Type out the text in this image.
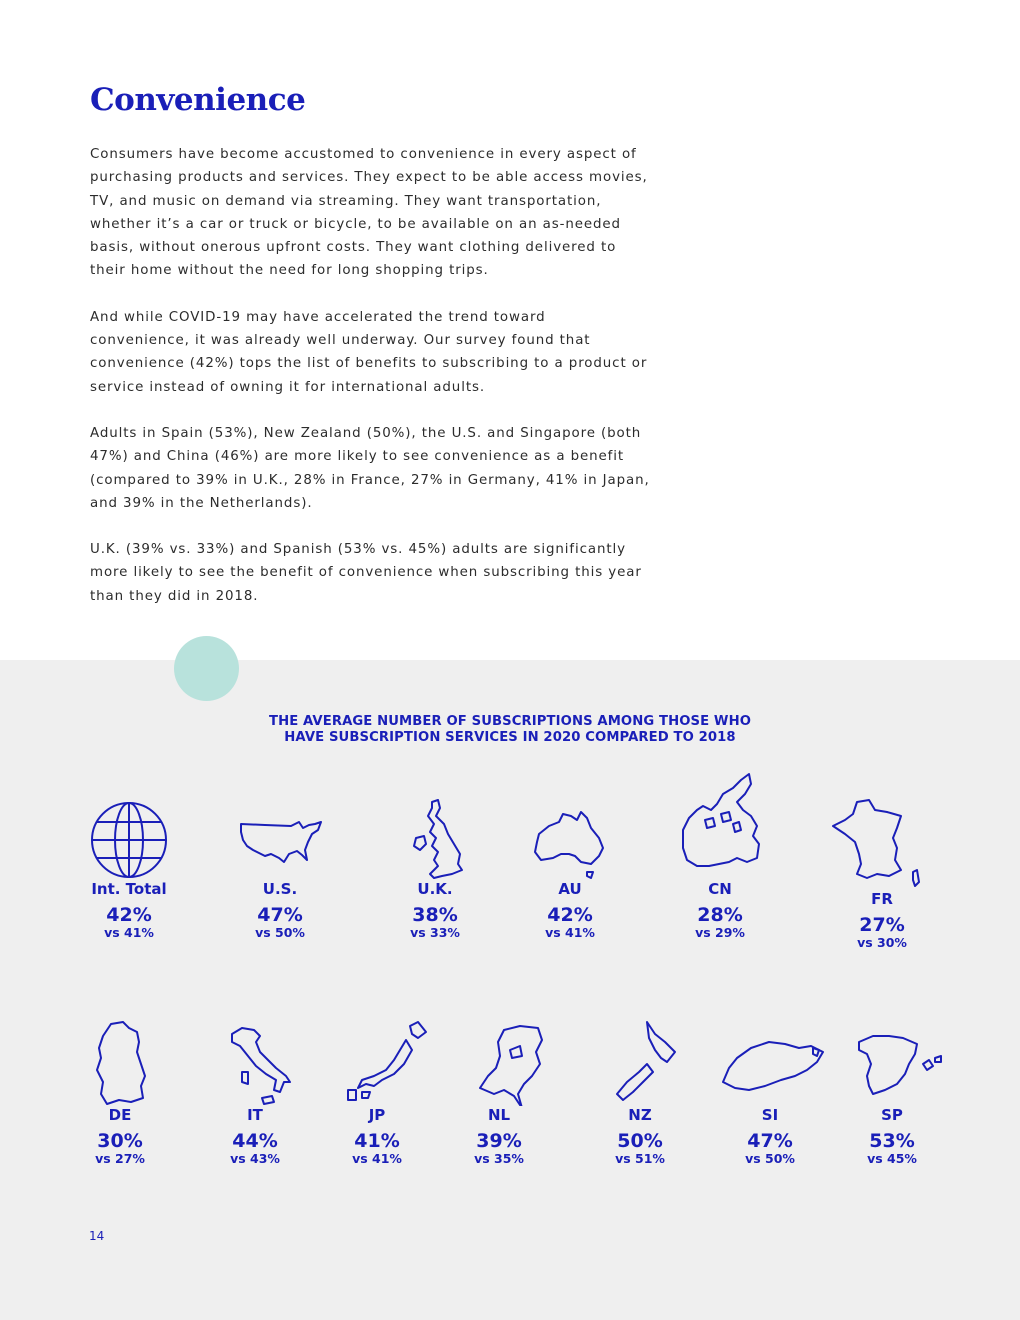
Convenience

Consumers have become accustomed to convenience in every aspect of purchasing products and services. They expect to be able access movies, TV, and music on demand via streaming. They want transportation, whether it’s a car or truck or bicycle, to be available on an as-needed basis, without onerous upfront costs. They want clothing delivered to their home without the need for long shopping trips.

And while COVID-19 may have accelerated the trend toward convenience, it was already well underway. Our survey found that convenience (42%) tops the list of benefits to subscribing to a product or service instead of owning it for international adults.

Adults in Spain (53%), New Zealand (50%), the U.S. and Singapore (both 47%) and China (46%) are more likely to see convenience as a benefit (compared to 39% in U.K., 28% in France, 27% in Germany, 41% in Japan, and 39% in the Netherlands).

U.K. (39% vs. 33%) and Spanish (53% vs. 45%) adults are significantly more likely to see the benefit of convenience when subscribing this year than they did in 2018.

THE AVERAGE NUMBER OF SUBSCRIPTIONS AMONG THOSE WHO
HAVE SUBSCRIPTION SERVICES IN 2020 COMPARED TO 2018
Int. Total
42%
vs 41%
U.S.
47%
vs 50%
U.K.
38%
vs 33%
AU
42%
vs 41%
CN
28%
vs 29%
FR
27%
vs 30%
DE
30%
vs 27%
IT
44%
vs 43%
JP
41%
vs 41%
NL
39%
vs 35%
NZ
50%
vs 51%
SI
47%
vs 50%
SP
53%
vs 45%
14
